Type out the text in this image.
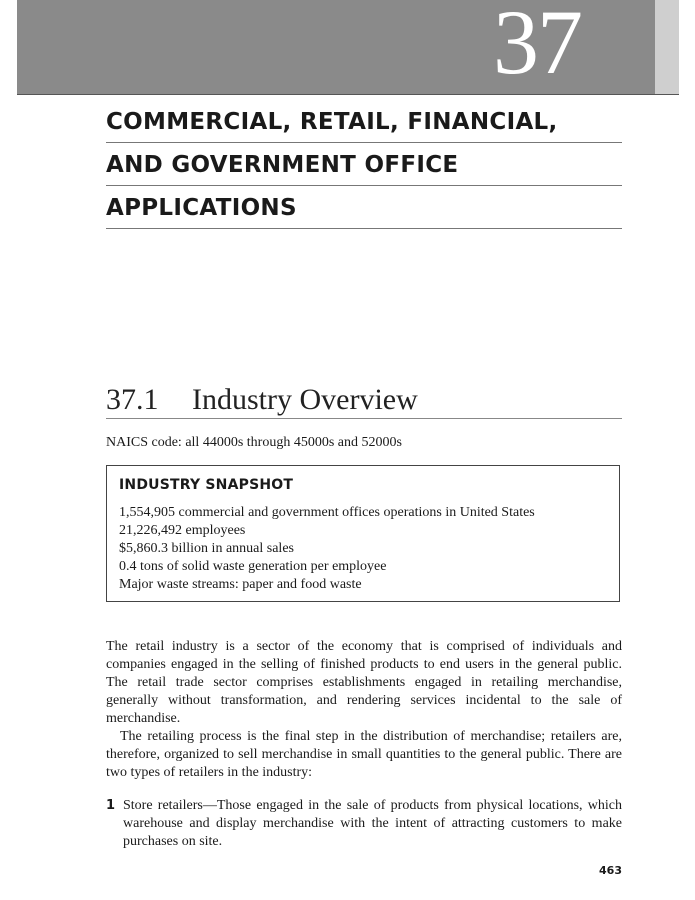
37
COMMERCIAL, RETAIL, FINANCIAL,
AND GOVERNMENT OFFICE
APPLICATIONS
37.1 Industry Overview
NAICS code: all 44000s through 45000s and 52000s
INDUSTRY SNAPSHOT
1,554,905 commercial and government offices operations in United States
21,226,492 employees
$5,860.3 billion in annual sales
0.4 tons of solid waste generation per employee
Major waste streams: paper and food waste

The retail industry is a sector of the economy that is comprised of individuals and companies engaged in the selling of finished products to end users in the general public. The retail trade sector comprises establishments engaged in retailing merchandise, generally without transformation, and rendering services incidental to the sale of merchandise.

The retailing process is the final step in the distribution of merchandise; retailers are, therefore, organized to sell merchandise in small quantities to the general public. There are two types of retailers in the industry:

1 Store retailers—Those engaged in the sale of products from physical locations, which warehouse and display merchandise with the intent of attracting customers to make purchases on site.
463
